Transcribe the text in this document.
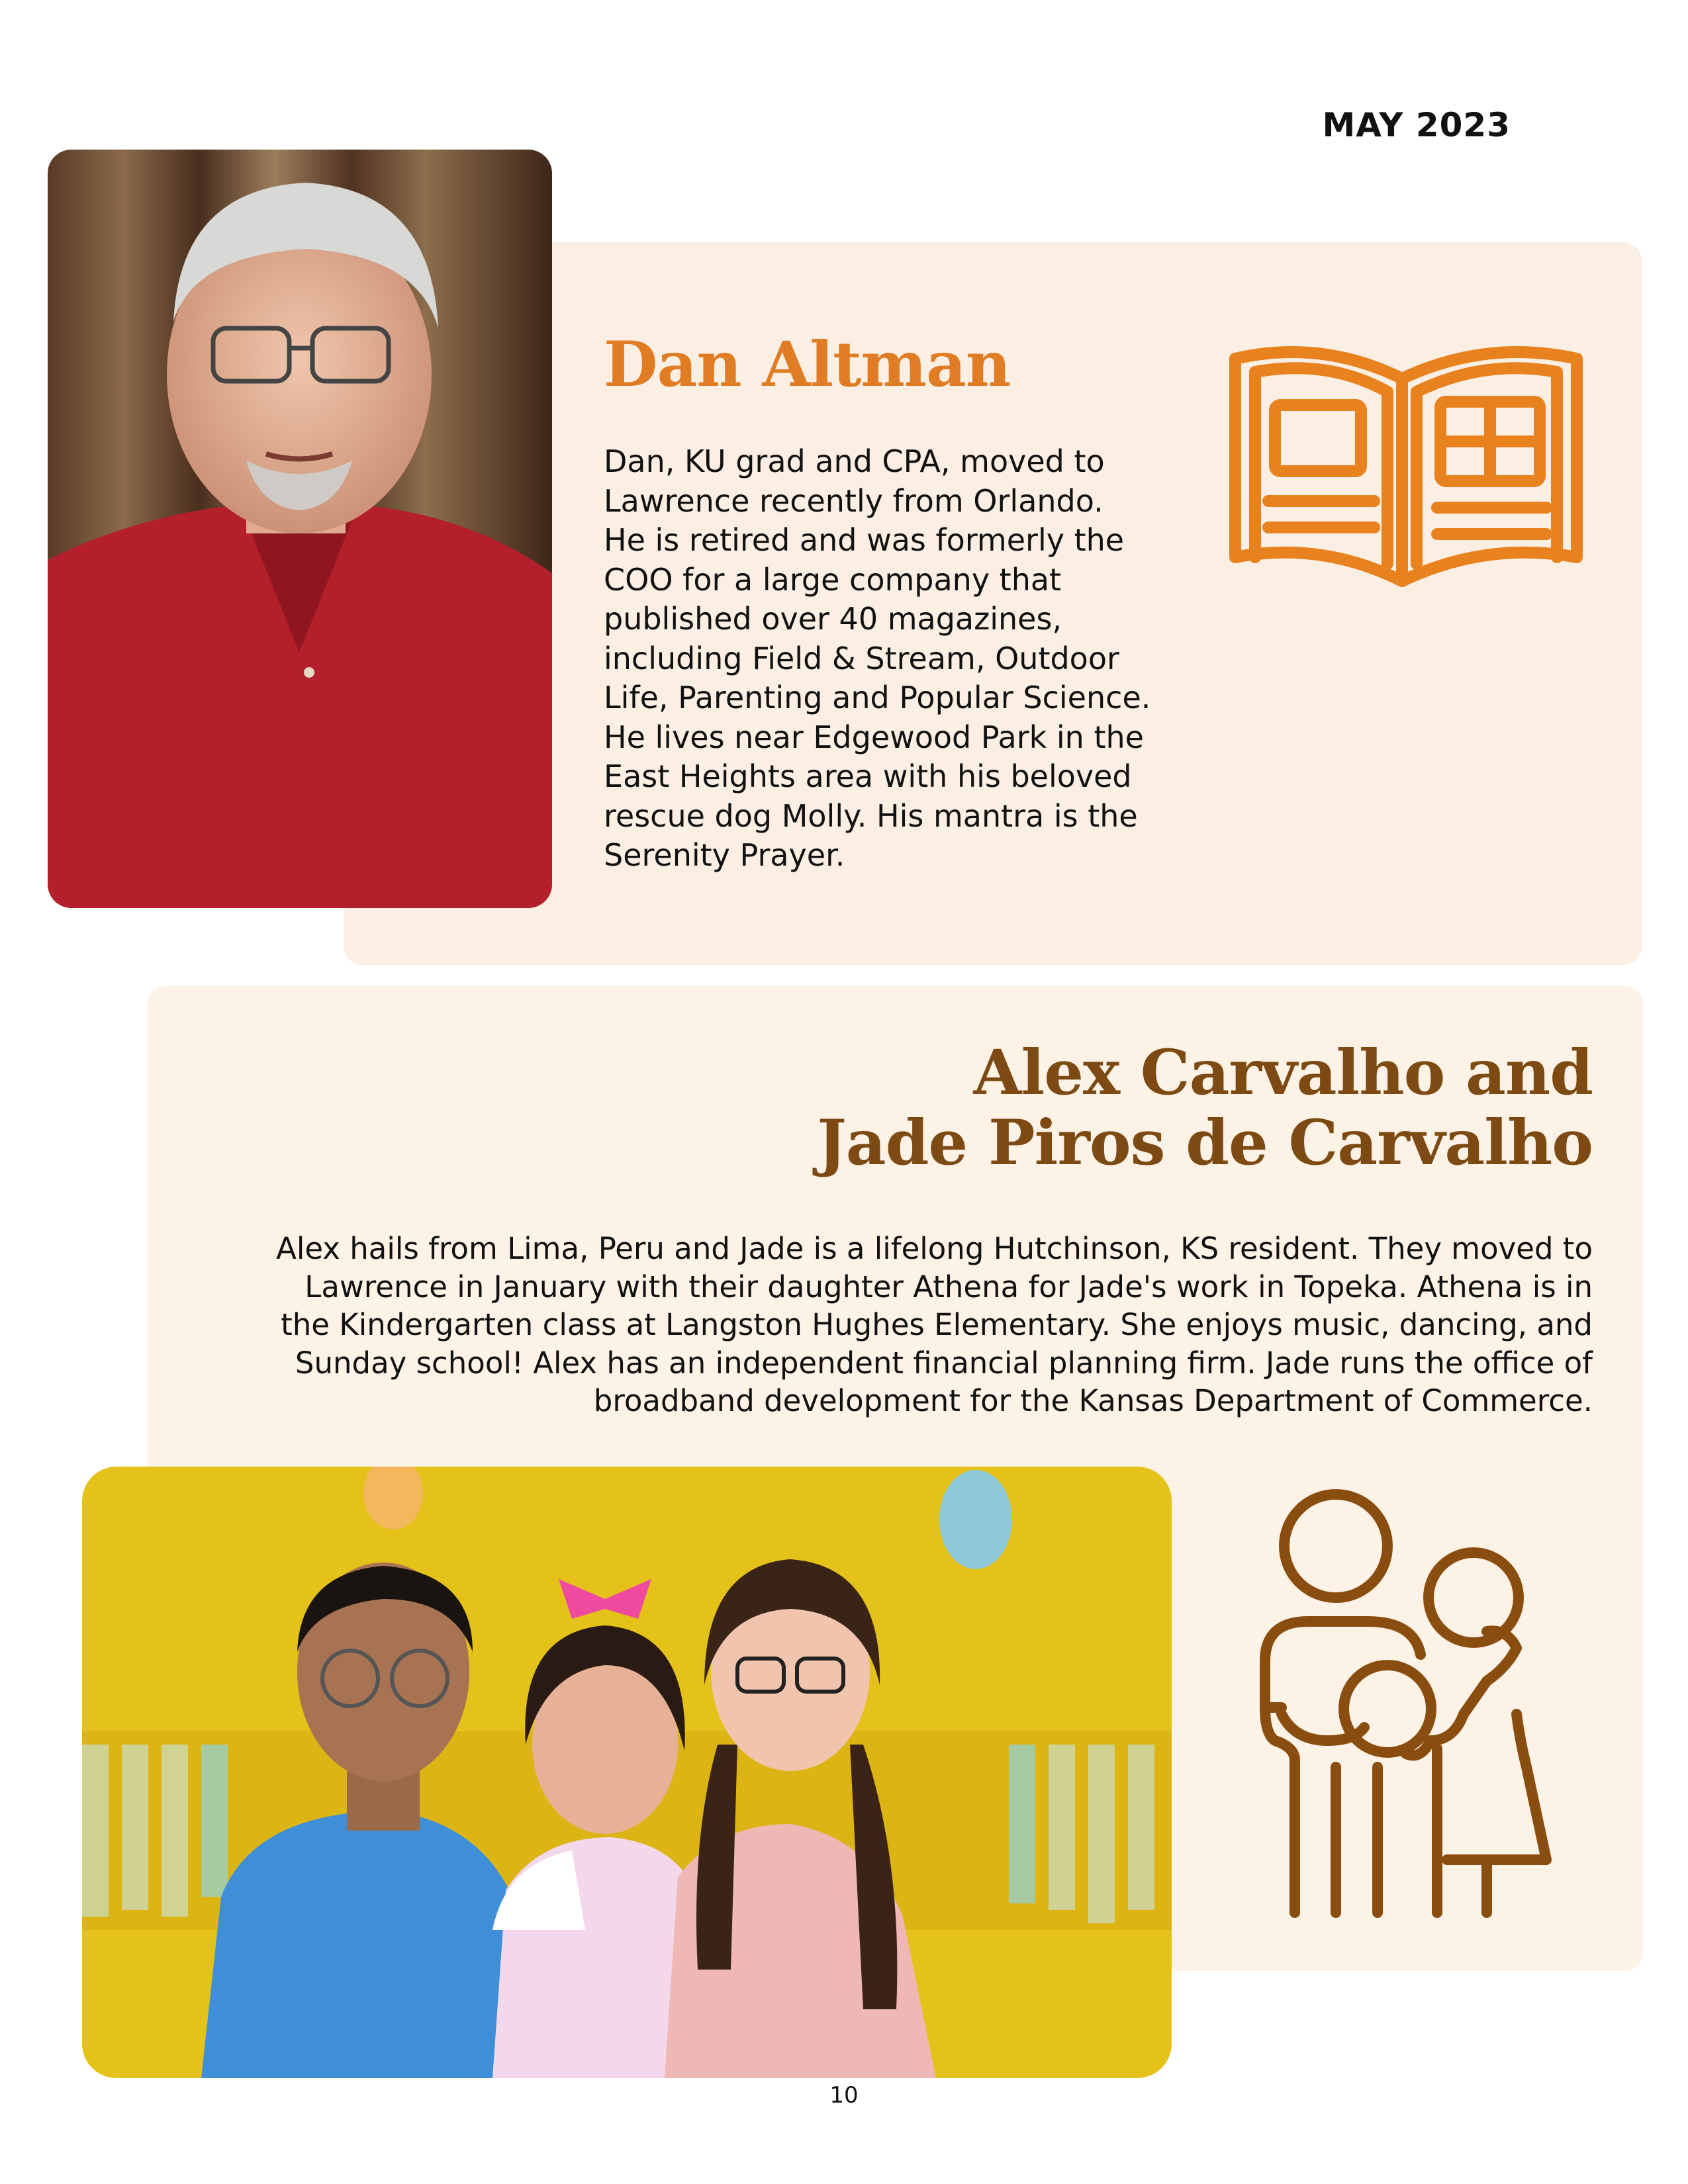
MAY 2023
Dan Altman
Dan, KU grad and CPA, moved to
Lawrence recently from Orlando.
He is retired and was formerly the
COO for a large company that
published over 40 magazines,
including Field & Stream, Outdoor
Life, Parenting and Popular Science.
He lives near Edgewood Park in the
East Heights area with his beloved
rescue dog Molly. His mantra is the
Serenity Prayer.
Alex Carvalho and
Jade Piros de Carvalho
Alex hails from Lima, Peru and Jade is a lifelong Hutchinson, KS resident. They moved to
Lawrence in January with their daughter Athena for Jade's work in Topeka. Athena is in
the Kindergarten class at Langston Hughes Elementary. She enjoys music, dancing, and
Sunday school! Alex has an independent financial planning firm. Jade runs the office of
broadband development for the Kansas Department of Commerce.
10
